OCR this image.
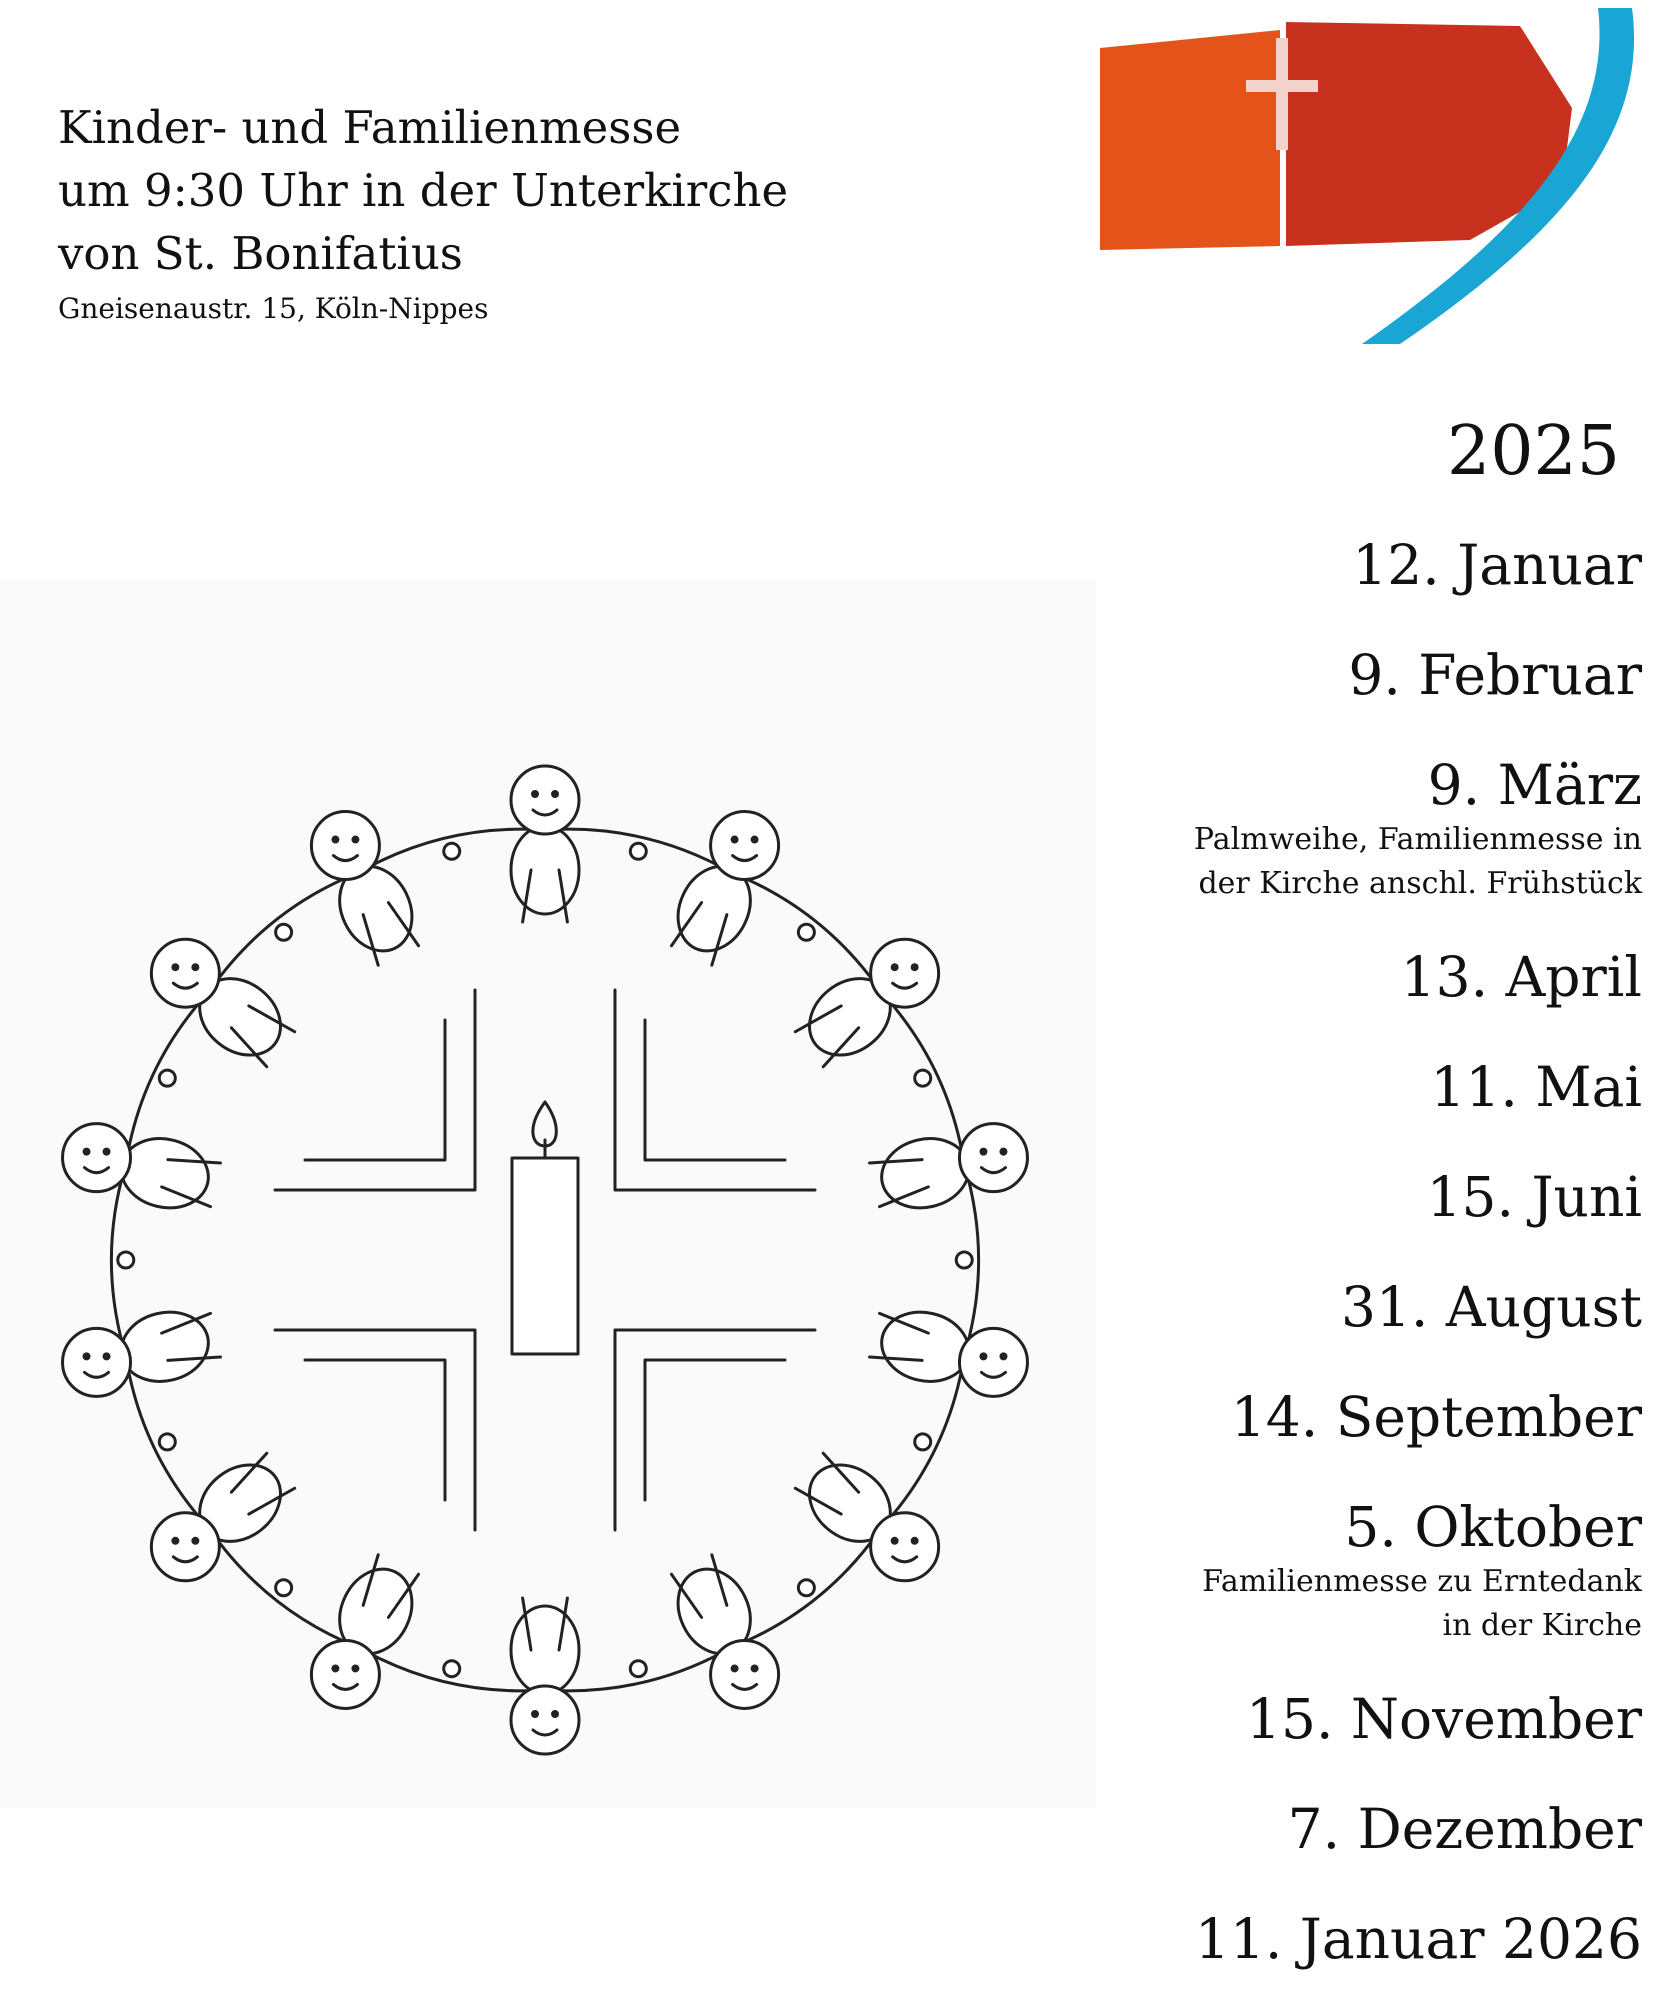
Kinder- und Familienmesse
um 9:30 Uhr in der Unterkirche
von St. Bonifatius
Gneisenaustr. 15, Köln-Nippes
2025
12. Januar
9. Februar
9. März
Palmweihe, Familienmesse in
der Kirche anschl. Frühstück
13. April
11. Mai
15. Juni
31. August
14. September
5. Oktober
Familienmesse zu Erntedank
in der Kirche
15. November
7. Dezember
11. Januar 2026
